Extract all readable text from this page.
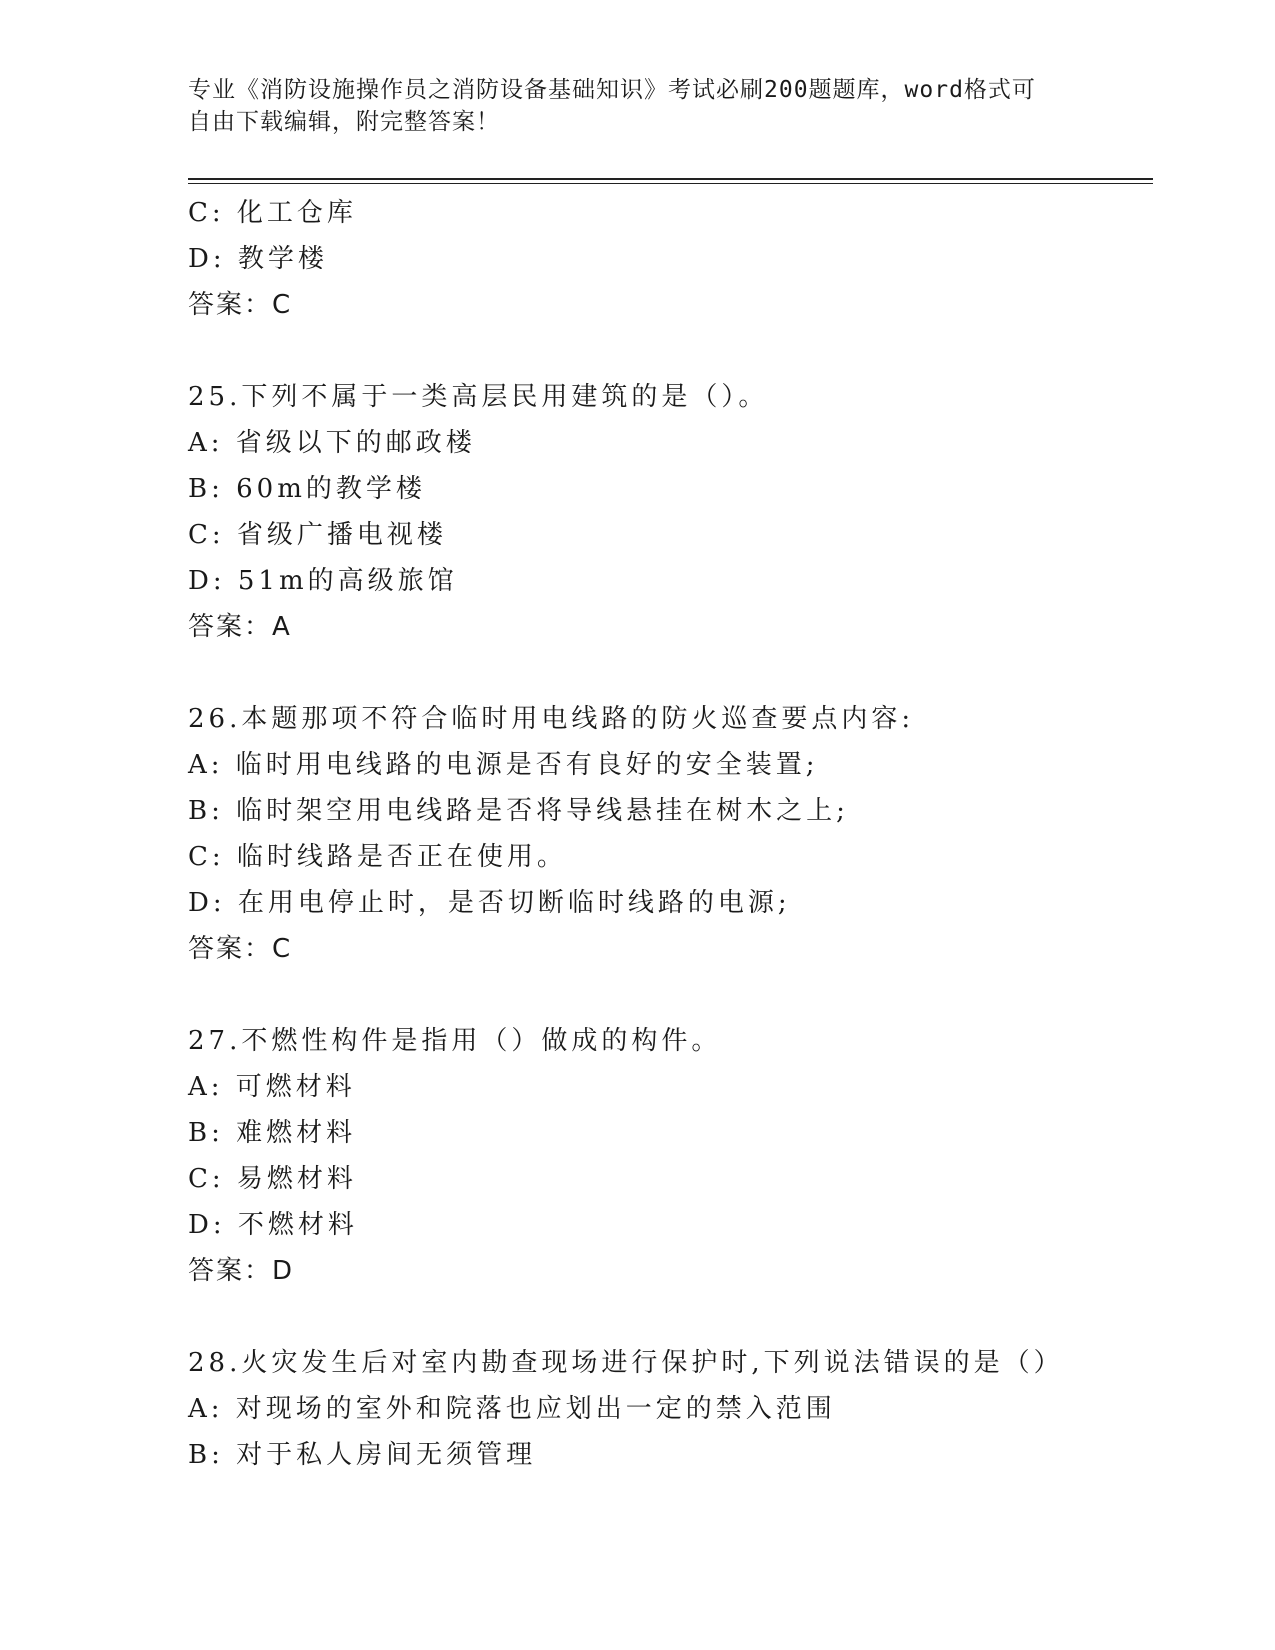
专业《消防设施操作员之消防设备基础知识》考试必刷200题题库，word格式可
自由下载编辑，附完整答案！
C: 化工仓库
D: 教学楼
答案：C
25.下列不属于一类高层民用建筑的是（）。
A: 省级以下的邮政楼
B: 60m的教学楼
C: 省级广播电视楼
D: 51m的高级旅馆
答案：A
26.本题那项不符合临时用电线路的防火巡查要点内容:
A: 临时用电线路的电源是否有良好的安全装置;
B: 临时架空用电线路是否将导线悬挂在树木之上;
C: 临时线路是否正在使用。
D: 在用电停止时，是否切断临时线路的电源;
答案：C
27.不燃性构件是指用（）做成的构件。
A: 可燃材料
B: 难燃材料
C: 易燃材料
D: 不燃材料
答案：D
28.火灾发生后对室内勘查现场进行保护时,下列说法错误的是（）
A: 对现场的室外和院落也应划出一定的禁入范围
B: 对于私人房间无须管理
